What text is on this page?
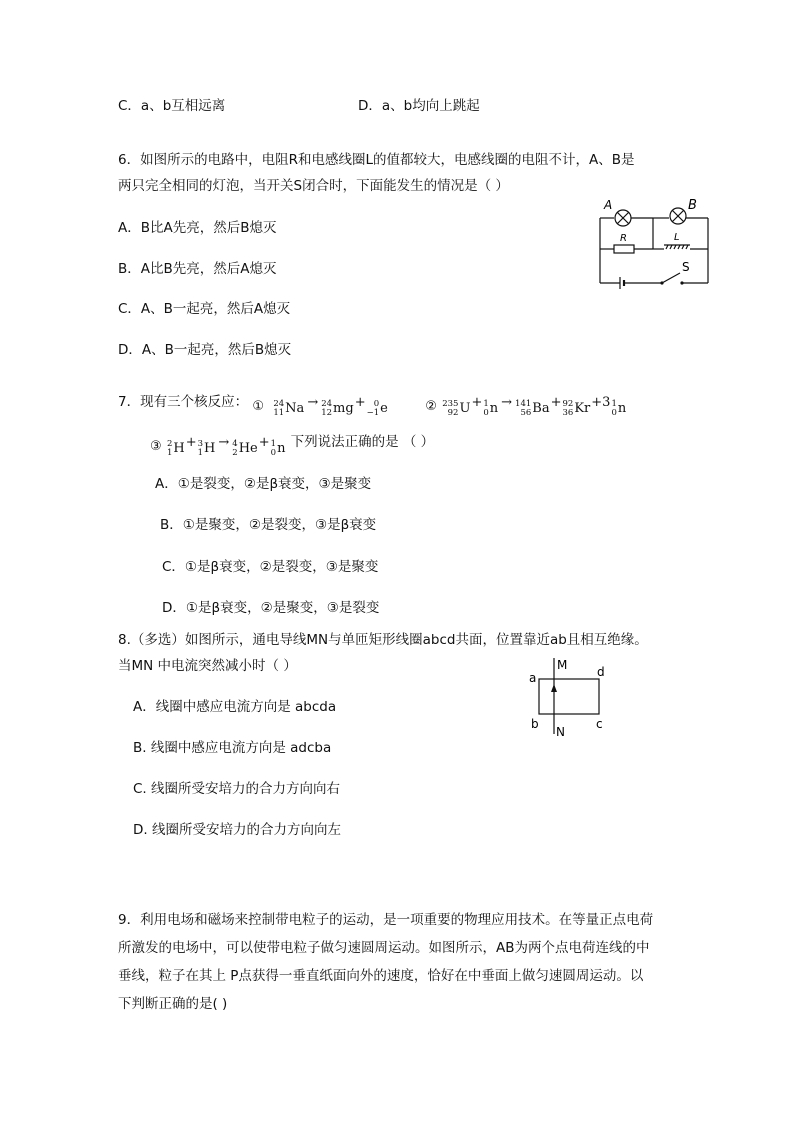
C．a、b互相远离	D．a、b均向上跳起
6．如图所示的电路中，电阻R和电感线圈L的值都较大，电感线圈的电阻不计，A、B是
两只完全相同的灯泡，当开关S闭合时，下面能发生的情况是（ ）
A．B比A先亮，然后B熄灭
B．A比B先亮，然后A熄灭
C．A、B一起亮，然后A熄灭
D．A、B一起亮，然后B熄灭
A	B
R	L
S
7．现有三个核反应： ① 24
11 Na → 24
12 mg + 0
−1 e	② 235
92 U + 1
0 n → 141
56 Ba + 92
36 Kr +3 1
0 n
③ 2
1 H + 3
1 H → 4
2 He + 1
0 n 下列说法正确的是 （ ）
A．①是裂变，②是β衰变，③是聚变
B．①是聚变，②是裂变，③是β衰变
C．①是β衰变，②是裂变，③是聚变
D．①是β衰变，②是聚变，③是裂变
8.（多选）如图所示，通电导线MN与单匝矩形线圈abcd共面，位置靠近ab且相互绝缘。
当MN 中电流突然减小时（ ）
A．线圈中感应电流方向是 abcda
B. 线圈中感应电流方向是 adcba
C. 线圈所受安培力的合力方向向右
D. 线圈所受安培力的合力方向向左
M
N
a
b	c
d
9．利用电场和磁场来控制带电粒子的运动，是一项重要的物理应用技术。在等量正点电荷
所激发的电场中，可以使带电粒子做匀速圆周运动。如图所示，AB为两个点电荷连线的中
垂线，粒子在其上 P点获得一垂直纸面向外的速度，恰好在中垂面上做匀速圆周运动。以
下判断正确的是( )
